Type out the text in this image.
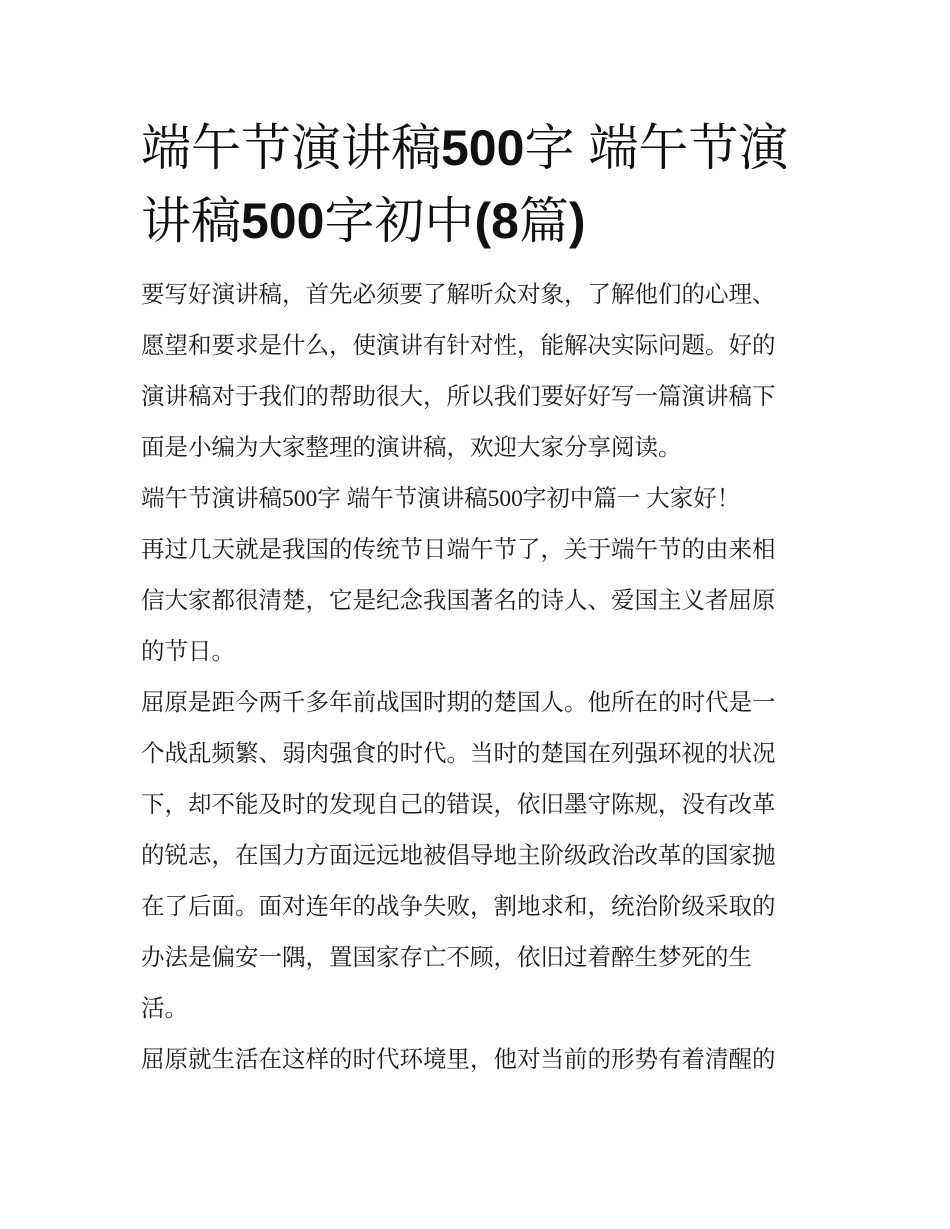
端午节演讲稿500字 端午节演
讲稿500字初中(8篇)

要写好演讲稿，首先必须要了解听众对象，了解他们的心理、
愿望和要求是什么，使演讲有针对性，能解决实际问题。好的
演讲稿对于我们的帮助很大，所以我们要好好写一篇演讲稿下
面是小编为大家整理的演讲稿，欢迎大家分享阅读。

端午节演讲稿500字 端午节演讲稿500字初中篇一 大家好！

再过几天就是我国的传统节日端午节了，关于端午节的由来相
信大家都很清楚，它是纪念我国著名的诗人、爱国主义者屈原
的节日。

屈原是距今两千多年前战国时期的楚国人。他所在的时代是一
个战乱频繁、弱肉强食的时代。当时的楚国在列强环视的状况
下，却不能及时的发现自己的错误，依旧墨守陈规，没有改革
的锐志，在国力方面远远地被倡导地主阶级政治改革的国家抛
在了后面。面对连年的战争失败，割地求和，统治阶级采取的
办法是偏安一隅，置国家存亡不顾，依旧过着醉生梦死的生
活。

屈原就生活在这样的时代环境里，他对当前的形势有着清醒的
